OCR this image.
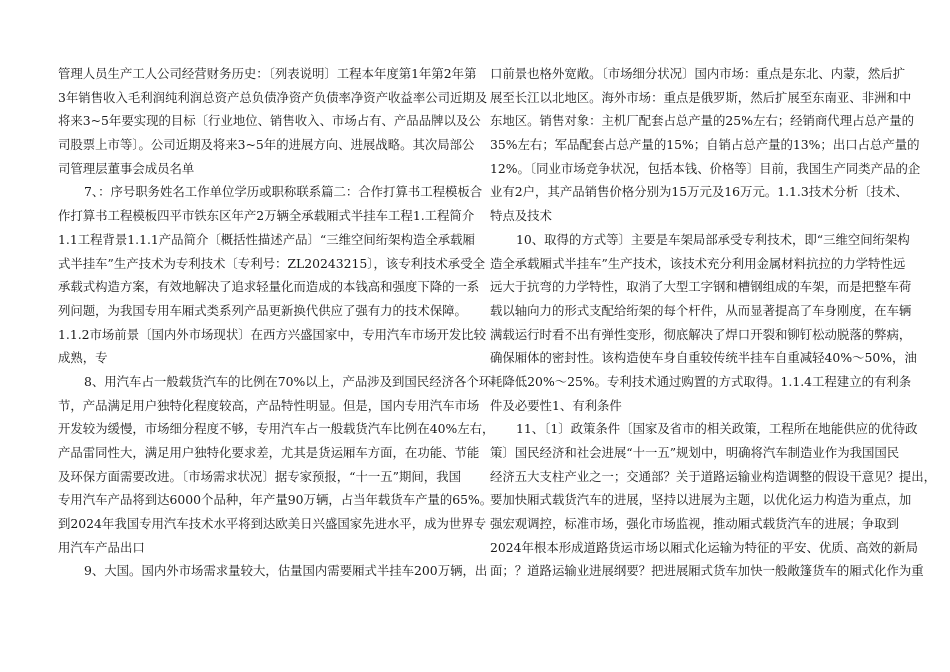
管理人员生产工人公司经营财务历史：〔列表说明〕工程本年度第1年第2年第
3年销售收入毛利润纯利润总资产总负债净资产负债率净资产收益率公司近期及
将来3~5年要实现的目标〔行业地位、销售收入、市场占有、产品品牌以及公
司股票上市等〕。公司近期及将来3~5年的进展方向、进展战略。其次局部公
司管理层董事会成员名单
7、：序号职务姓名工作单位学历或职称联系篇二：合作打算书工程模板合
作打算书工程模板四平市铁东区年产2万辆全承载厢式半挂车工程1.工程简介
1.1工程背景1.1.1产品简介〔概括性描述产品〕“三维空间绗架构造全承载厢
式半挂车”生产技术为专利技术〔专利号：ZL20243215〕，该专利技术承受全
承载式构造方案，有效地解决了追求轻量化而造成的本钱高和强度下降的一系
列问题，为我国专用车厢式类系列产品更新换代供应了强有力的技术保障。
1.1.2市场前景〔国内外市场现状〕在西方兴盛国家中，专用汽车市场开发比较
成熟，专
8、用汽车占一般载货汽车的比例在70%以上，产品涉及到国民经济各个环
节，产品满足用户独特化程度较高，产品特性明显。但是，国内专用汽车市场
开发较为缓慢，市场细分程度不够，专用汽车占一般载货汽车比例在40%左右，
产品雷同性大，满足用户独特化要求差，尤其是货运厢车方面，在功能、节能
及环保方面需要改进。〔市场需求状况〕据专家预报，“十一五”期间，我国
专用汽车产品将到达6000个品种，年产量90万辆，占当年载货车产量的65%。
到2024年我国专用汽车技术水平将到达欧美日兴盛国家先进水平，成为世界专
用汽车产品出口
9、大国。国内外市场需求量较大，估量国内需要厢式半挂车200万辆，出
口前景也格外宽敞。〔市场细分状况〕国内市场：重点是东北、内蒙，然后扩
展至长江以北地区。海外市场：重点是俄罗斯，然后扩展至东南亚、非洲和中
东地区。销售对象：主机厂配套占总产量的25%左右；经销商代理占总产量的
35%左右；军品配套占总产量的15%；自销占总产量的13%；出口占总产量的
12%。〔同业市场竞争状况，包括本钱、价格等〕目前，我国生产同类产品的企
业有2户，其产品销售价格分别为15万元及16万元。1.1.3技术分析〔技术、
特点及技术
10、取得的方式等〕主要是车架局部承受专利技术，即“三维空间绗架构
造全承载厢式半挂车”生产技术，该技术充分利用金属材料抗拉的力学特性远
远大于抗弯的力学特性，取消了大型工字钢和槽钢组成的车架，而是把整车荷
载以轴向力的形式支配给绗架的每个杆件，从而显著提高了车身刚度，在车辆
满载运行时看不出有弹性变形，彻底解决了焊口开裂和铆钉松动脱落的弊病，
确保厢体的密封性。该构造使车身自重较传统半挂车自重减轻40%～50%，油
耗降低20%～25%。专利技术通过购置的方式取得。1.1.4工程建立的有利条
件及必要性1、有利条件
11、〔1〕政策条件〔国家及省市的相关政策，工程所在地能供应的优待政
策〕国民经济和社会进展“十一五”规划中，明确将汽车制造业作为我国国民
经济五大支柱产业之一；交通部？关于道路运输业构造调整的假设干意见？提出，
要加快厢式载货汽车的进展，坚持以进展为主题，以优化运力构造为重点，加
强宏观调控，标准市场，强化市场监视，推动厢式载货汽车的进展；争取到
2024年根本形成道路货运市场以厢式化运输为特征的平安、优质、高效的新局
面；？道路运输业进展纲要？把进展厢式货车加快一般敞篷货车的厢式化作为重
